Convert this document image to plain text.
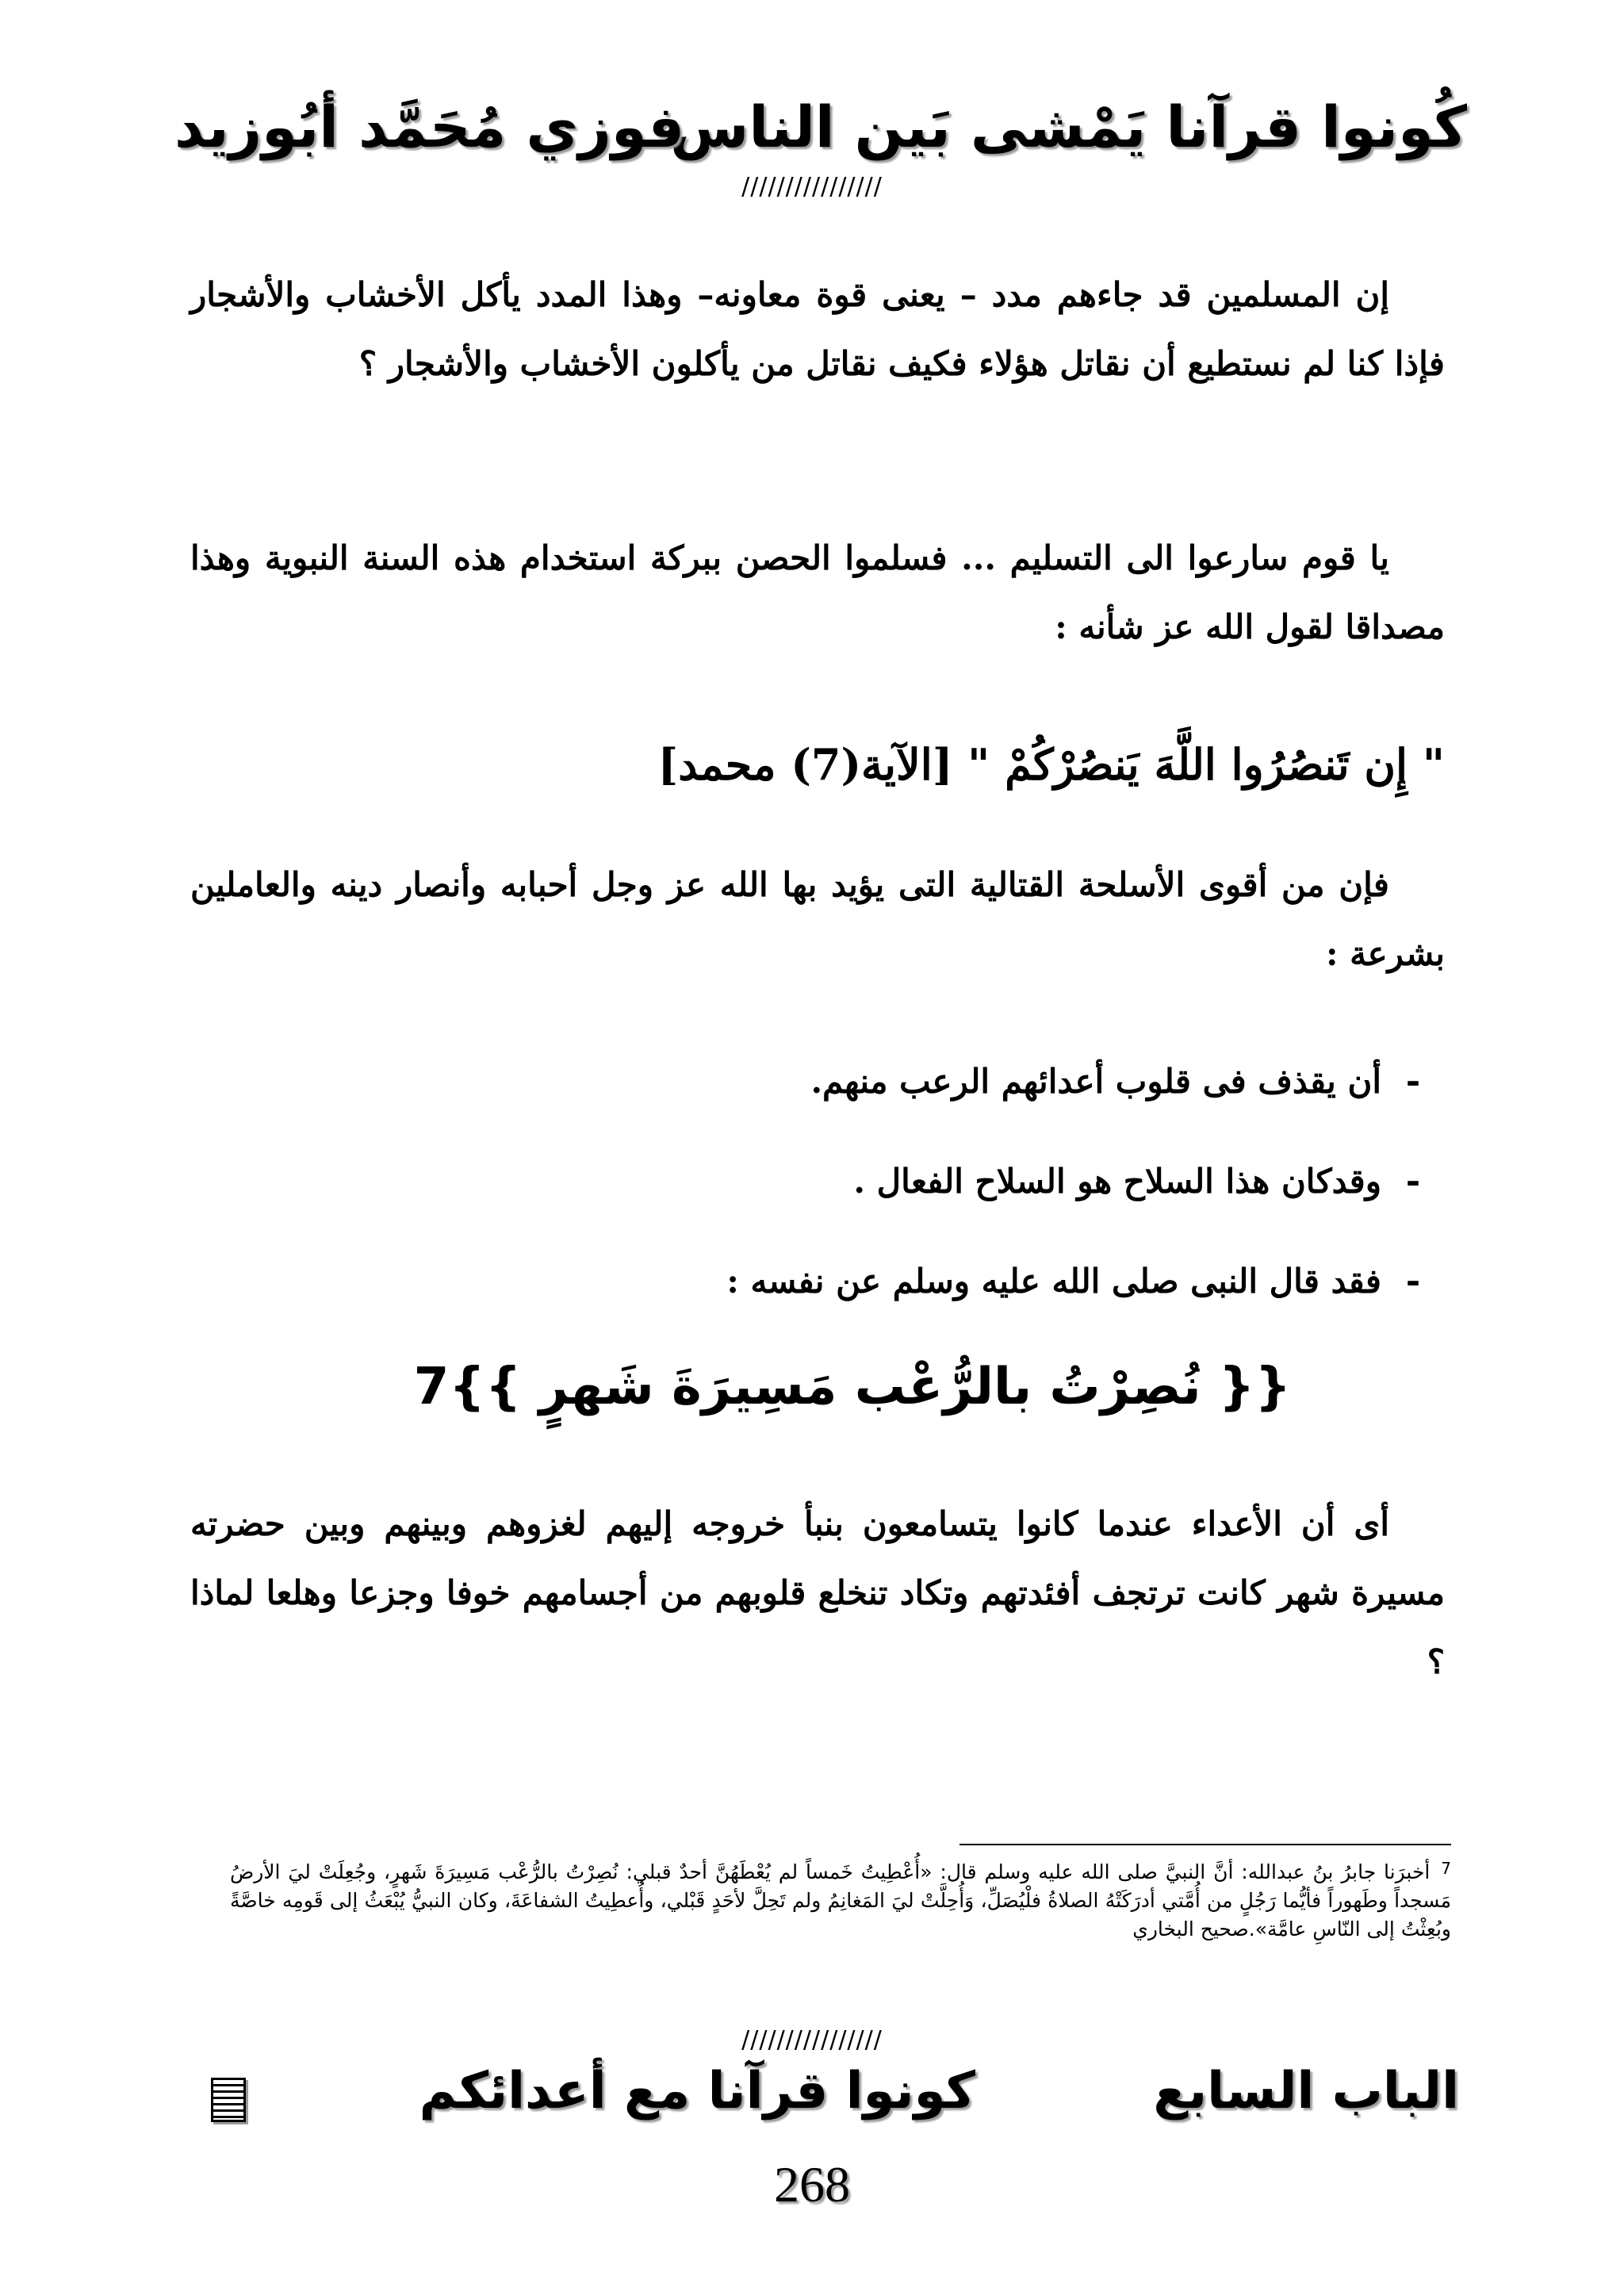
كُونوا قرآنا يَمْشى بَين الناس
فوزي مُحَمَّد أبُوزيد
////////////////
إن المسلمين قد جاءهم مدد – يعنى قوة معاونه– وهذا المدد يأكل الأخشاب والأشجار فإذا كنا لم نستطيع أن نقاتل هؤلاء فكيف نقاتل من يأكلون الأخشاب والأشجار ؟
يا قوم سارعوا الى التسليم ... فسلموا الحصن ببركة استخدام هذه السنة النبوية وهذا مصداقا لقول الله عز شأنه :
" إِن تَنصُرُوا اللَّهَ يَنصُرْكُمْ " [الآية(7) محمد]
فإن من أقوى الأسلحة القتالية التى يؤيد بها الله عز وجل أحبابه وأنصار دينه والعاملين بشرعة :
-
أن يقذف فى قلوب أعدائهم الرعب منهم.
-
وقدكان هذا السلاح هو السلاح الفعال .
-
فقد قال النبى صلى الله عليه وسلم عن نفسه :
{{ نُصِرْتُ بالرُّعْب مَسِيرَةَ شَهرٍ }}7
أى أن الأعداء عندما كانوا يتسامعون بنبأ خروجه إليهم لغزوهم وبينهم وبين حضرته مسيرة شهر كانت ترتجف أفئدتهم وتكاد تنخلع قلوبهم من أجسامهم خوفا وجزعا وهلعا لماذا ؟
$^7$ أخبرَنا جابرُ بنُ عبدالله: أنَّ النبيَّ صلى الله عليه وسلم قال: «أُعْطِيتُ خَمساً لم يُعْطَهُنَّ أحدٌ قبلي: نُصِرْتُ بالرُّعْب مَسِيرَةَ شَهرٍ، وجُعِلَتْ ليَ الأرضُ مَسجداً وطَهوراً فأيُّما رَجُلٍ من أُمَّتي أدرَكَتْهُ الصلاةُ فلْيُصَلِّ، وَأُحِلَّتْ ليَ المَغانِمُ ولم تَحِلَّ لأحَدٍ قَبْلي، وأُعطِيتُ الشفاعَةَ، وكان النبيُّ يُبْعَثُ إلى قَومِه خاصَّةً وبُعِثْتُ إلى النّاسِ عامَّة».صحيح البخاري
////////////////
الباب السابع
كونوا قرآنا مع أعدائكم
268
